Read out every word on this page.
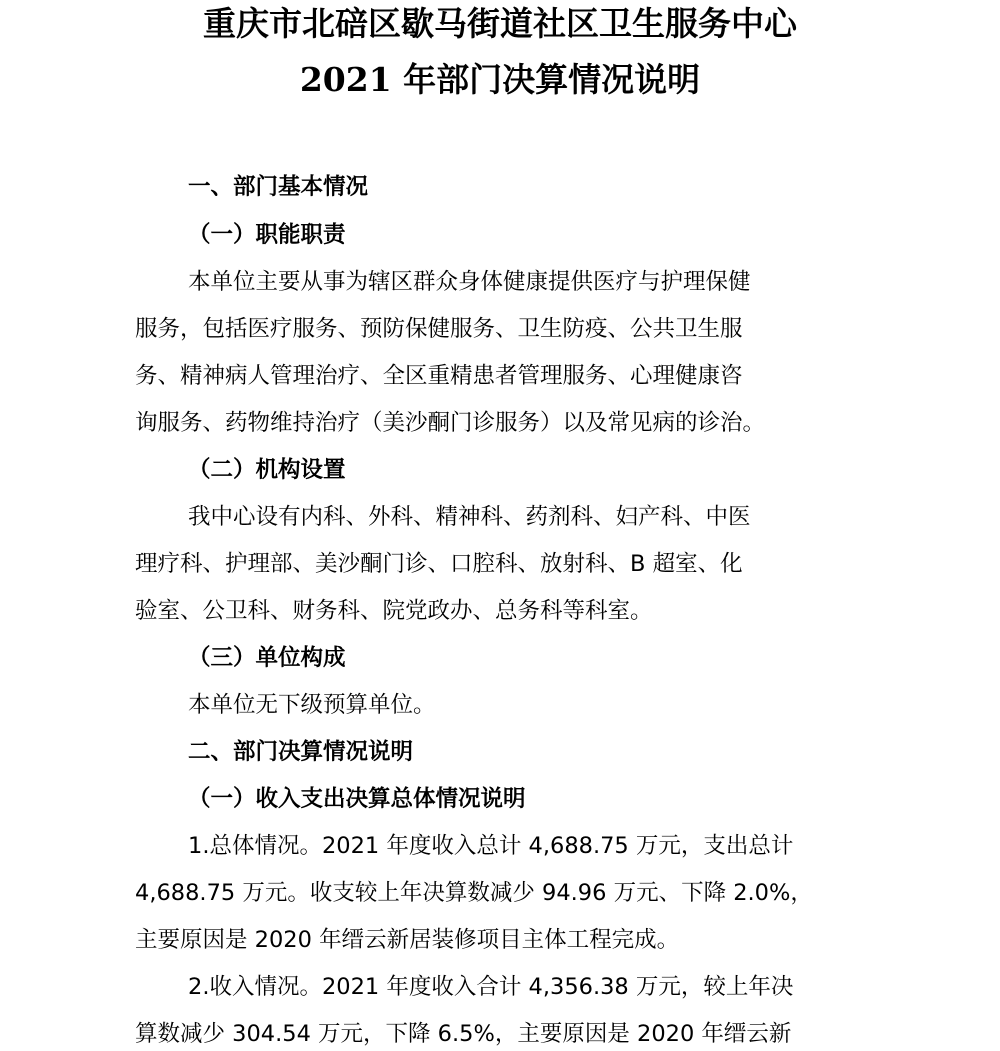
重庆市北碚区歇马街道社区卫生服务中心
2021 年部门决算情况说明

一、部门基本情况

（一）职能职责

本单位主要从事为辖区群众身体健康提供医疗与护理保健

服务，包括医疗服务、预防保健服务、卫生防疫、公共卫生服

务、精神病人管理治疗、全区重精患者管理服务、心理健康咨

询服务、药物维持治疗（美沙酮门诊服务）以及常见病的诊治。

（二）机构设置

我中心设有内科、外科、精神科、药剂科、妇产科、中医

理疗科、护理部、美沙酮门诊、口腔科、放射科、B 超室、化

验室、公卫科、财务科、院党政办、总务科等科室。

（三）单位构成

本单位无下级预算单位。

二、部门决算情况说明

（一）收入支出决算总体情况说明

1.总体情况。2021 年度收入总计 4,688.75 万元，支出总计

4,688.75 万元。收支较上年决算数减少 94.96 万元、下降 2.0%，

主要原因是 2020 年缙云新居装修项目主体工程完成。

2.收入情况。2021 年度收入合计 4,356.38 万元，较上年决

算数减少 304.54 万元，下降 6.5%，主要原因是 2020 年缙云新
